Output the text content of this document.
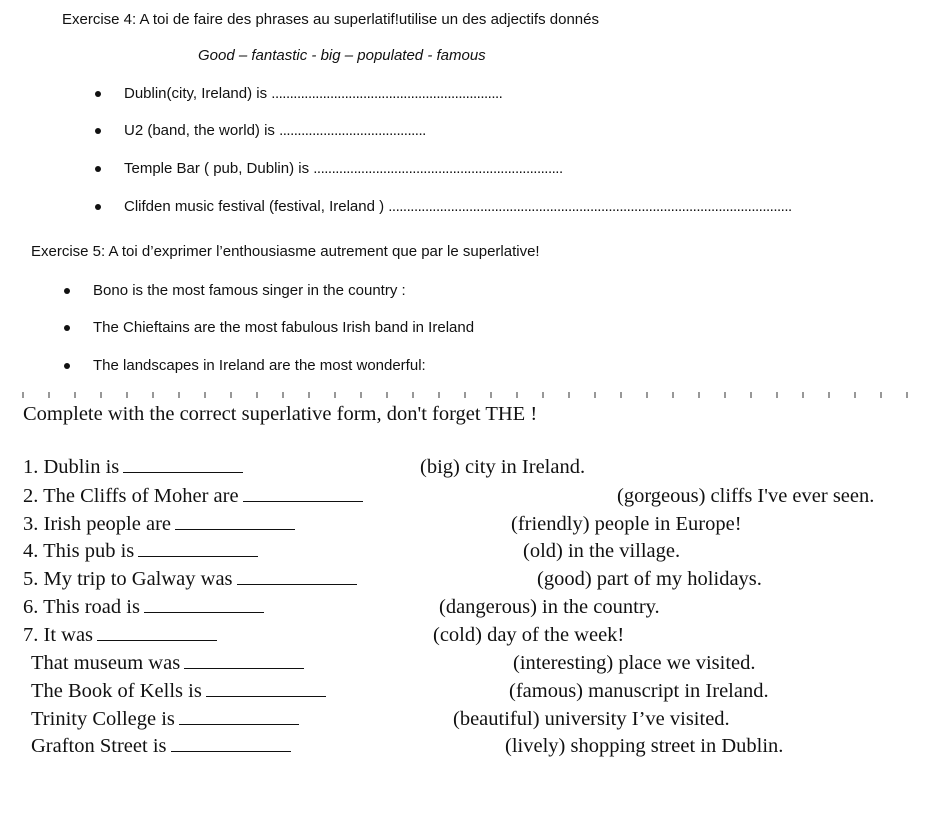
Exercise 4: A toi de faire des phrases au superlatif!utilise un des adjectifs donnés
Good – fantastic - big – populated - famous
Dublin(city, Ireland) is ...............................................................
U2 (band, the world) is ........................................
Temple Bar ( pub, Dublin) is ....................................................................
Clifden music festival (festival, Ireland ) ..............................................................................................................
Exercise 5: A toi d’exprimer l’enthousiasme autrement que par le superlative!
Bono is the most famous singer in the country :
The Chieftains are the most fabulous Irish band in Ireland
The landscapes in Ireland are the most wonderful:
Complete with the correct superlative form, don't forget THE !
1. Dublin is	(big) city in Ireland.
2. The Cliffs of Moher are	(gorgeous) cliffs I've ever seen.
3. Irish people are	(friendly) people in Europe!
4. This pub is	(old) in the village.
5. My trip to Galway was	(good) part of my holidays.
6. This road is	(dangerous) in the country.
7. It was	(cold) day of the week!
That museum was	(interesting) place we visited.
The Book of Kells is	(famous) manuscript in Ireland.
Trinity College is	(beautiful) university I’ve visited.
Grafton Street is	(lively) shopping street in Dublin.
